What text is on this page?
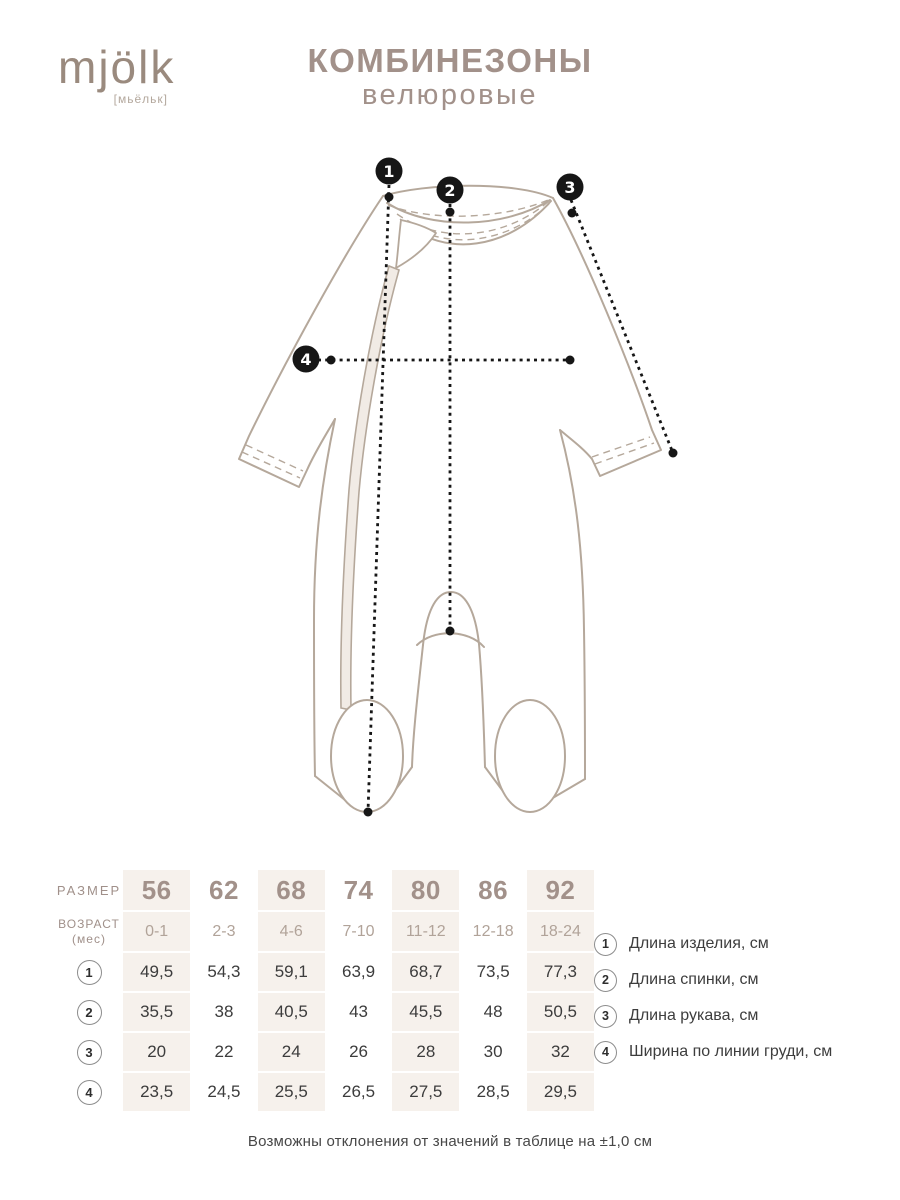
mjölk
[мьёльк]
КОМБИНЕЗОНЫ
велюровые
1
2	3
4
РАЗМЕР 56 62 68 74 80 86 92
ВОЗРАСТ
(мес) 0-1	2-3	4-6 7-10 11-12 12-18 18-24
1	49,5 54,3 59,1 63,9 68,7 73,5 77,3
2	35,5 38 40,5 43 45,5 48 50,5
3	20	22	24	26	28	30	32
4	23,5 24,5 25,5 26,5 27,5 28,5 29,5
1	Длина изделия, см
2	Длина спинки, см
3	Длина рукава, см
4	Ширина по линии груди, см
Возможны отклонения от значений в таблице на ±1,0 см
